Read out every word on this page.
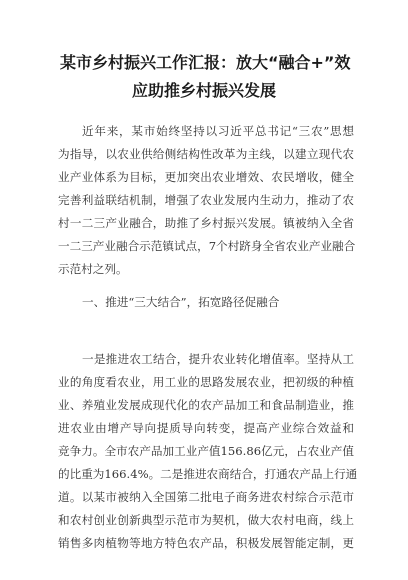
某市乡村振兴工作汇报：放大“融合+”效
应助推乡村振兴发展
近年来，某市始终坚持以习近平总书记“三农”思想
为指导，以农业供给侧结构性改革为主线，以建立现代农
业产业体系为目标，更加突出农业增效、农民增收，健全
完善利益联结机制，增强了农业发展内生动力，推动了农
村一二三产业融合，助推了乡村振兴发展。镇被纳入全省
一二三产业融合示范镇试点，7个村跻身全省农业产业融合
示范村之列。
一、推进“三大结合”，拓宽路径促融合
一是推进农工结合，提升农业转化增值率。坚持从工
业的角度看农业，用工业的思路发展农业，把初级的种植
业、养殖业发展成现代化的农产品加工和食品制造业，推
进农业由增产导向提质导向转变，提高产业综合效益和
竞争力。全市农产品加工业产值156.86亿元，占农业产值
的比重为166.4%。二是推进农商结合，打通农产品上行通
道。以某市被纳入全国第二批电子商务进农村综合示范市
和农村创业创新典型示范市为契机，做大农村电商，线上
销售多肉植物等地方特色农产品，积极发展智能定制，更
